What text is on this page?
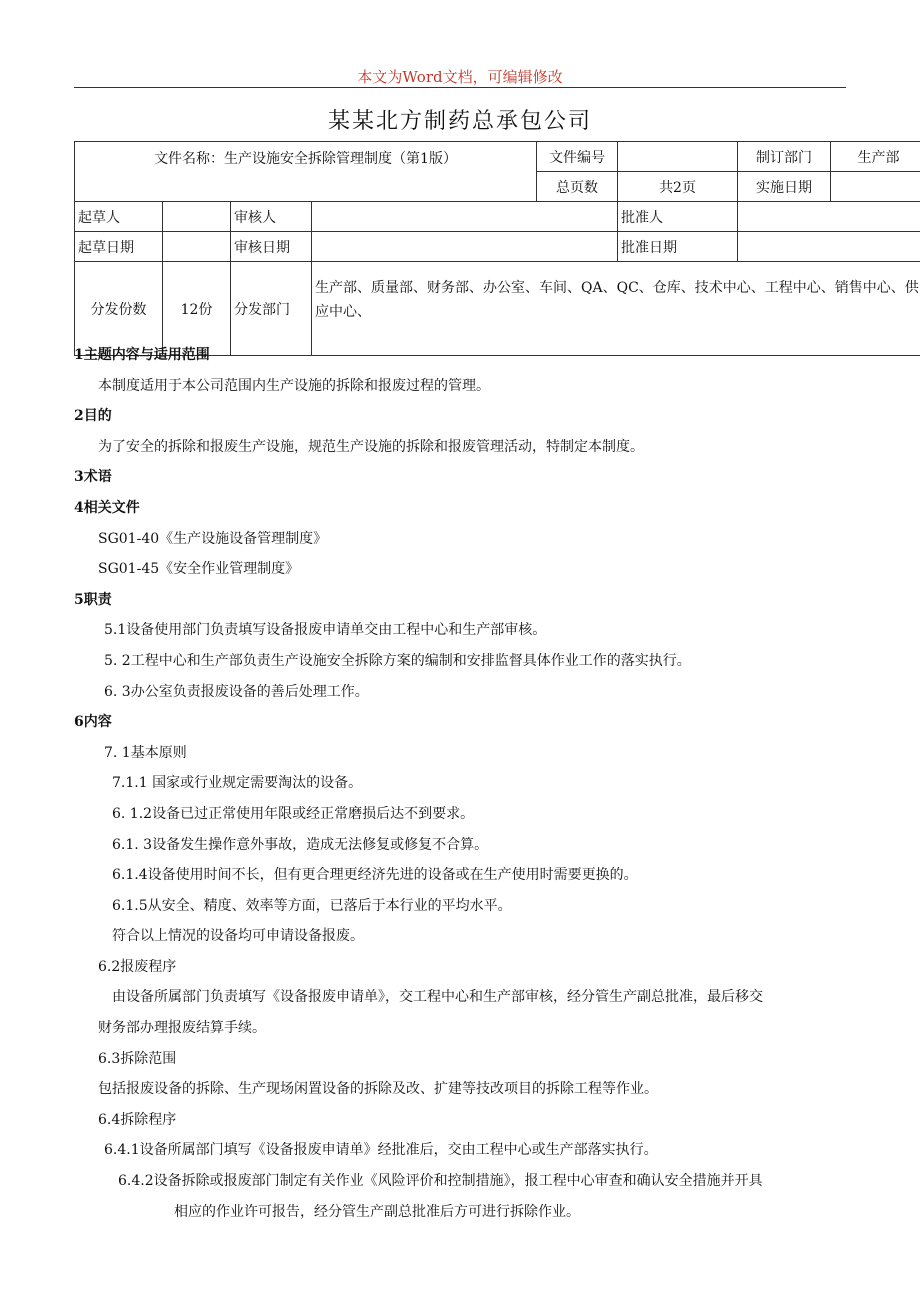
本文为Word文档，可编辑修改
某某北方制药总承包公司
文件名称：生产设施安全拆除管理制度（第1版）				文件编号		制订部门	生产部
				总页数	共2页	实施日期	
起草人		审核人			批准人		
起草日期		审核日期			批准日期		
分发份数	12份	分发部门	生产部、质量部、财务部、办公室、车间、QA、QC、仓库、技术中心、工程中心、销售中心、供应中心、				

1主题内容与适用范围

本制度适用于本公司范围内生产设施的拆除和报废过程的管理。

2目的

为了安全的拆除和报废生产设施，规范生产设施的拆除和报废管理活动，特制定本制度。

3术语

4相关文件

SG01-40《生产设施设备管理制度》

SG01-45《安全作业管理制度》

5职责

5.1设备使用部门负责填写设备报废申请单交由工程中心和生产部审核。

5. 2工程中心和生产部负责生产设施安全拆除方案的编制和安排监督具体作业工作的落实执行。

6. 3办公室负责报废设备的善后处理工作。

6内容

7. 1基本原则

7.1.1 国家或行业规定需要淘汰的设备。

6. 1.2设备已过正常使用年限或经正常磨损后达不到要求。

6.1. 3设备发生操作意外事故，造成无法修复或修复不合算。

6.1.4设备使用时间不长，但有更合理更经济先进的设备或在生产使用时需要更换的。

6.1.5从安全、精度、效率等方面，已落后于本行业的平均水平。

符合以上情况的设备均可申请设备报废。

6.2报废程序

由设备所属部门负责填写《设备报废申请单》，交工程中心和生产部审核，经分管生产副总批准，最后移交

财务部办理报废结算手续。

6.3拆除范围

包括报废设备的拆除、生产现场闲置设备的拆除及改、扩建等技改项目的拆除工程等作业。

6.4拆除程序

6.4.1设备所属部门填写《设备报废申请单》经批准后，交由工程中心或生产部落实执行。

6.4.2设备拆除或报废部门制定有关作业《风险评价和控制措施》，报工程中心审查和确认安全措施并开具

相应的作业许可报告，经分管生产副总批准后方可进行拆除作业。
